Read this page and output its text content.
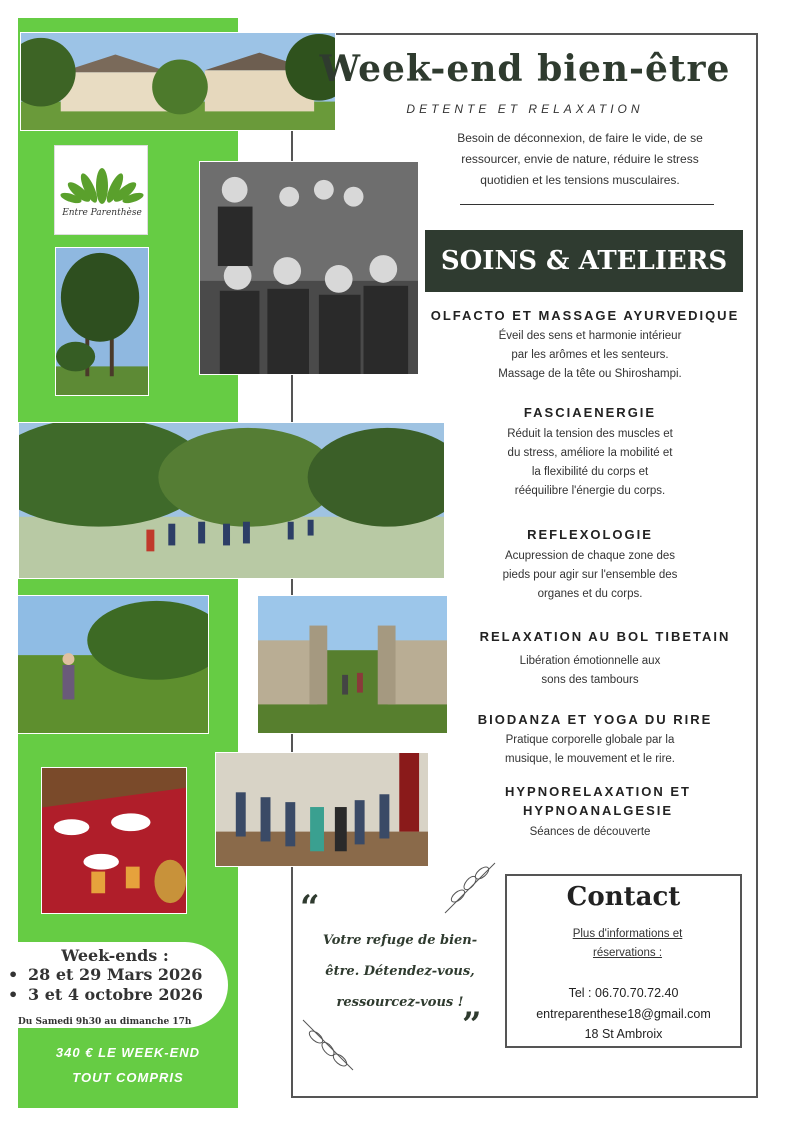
Entre Parenthèse
Week-end bien-être
DETENTE ET RELAXATION
Besoin de déconnexion, de faire le vide, de se
ressourcer, envie de nature, réduire le stress
quotidien et les tensions musculaires.
SOINS & ATELIERS
OLFACTO ET MASSAGE AYURVEDIQUE
Éveil des sens et harmonie intérieur
par les arômes et les senteurs.
Massage de la tête ou Shiroshampi.
FASCIAENERGIE
Réduit la tension des muscles et
du stress, améliore la mobilité et
la flexibilité du corps et
rééquilibre l'énergie du corps.
REFLEXOLOGIE
Acupression de chaque zone des
pieds pour agir sur l'ensemble des
organes et du corps.
RELAXATION AU BOL TIBETAIN
Libération émotionnelle aux
sons des tambours
BIODANZA ET YOGA DU RIRE
Pratique corporelle globale par la
musique, le mouvement et le rire.
HYPNORELAXATION ET
HYPNOANALGESIE
Séances de découverte
Week-ends :
• 28 et 29 Mars 2026
• 3 et 4 octobre 2026
Du Samedi 9h30 au dimanche 17h
340 € LE WEEK-END
TOUT COMPRIS
“
Votre refuge de bien-
être. Détendez-vous,
ressourcez-vous !
”
Contact
Plus d'informations et
réservations :
Tel : 06.70.70.72.40
entreparenthese18@gmail.com
18 St Ambroix
